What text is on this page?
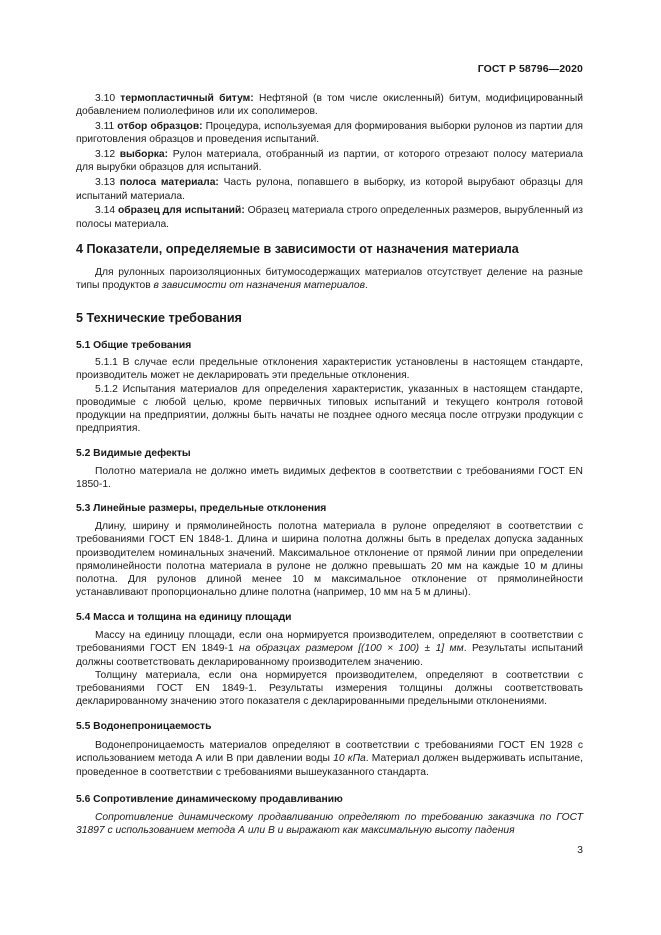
ГОСТ Р 58796—2020

3.10 термопластичный битум: Нефтяной (в том числе окисленный) битум, модифицированный добавлением полиолефинов или их сополимеров.

3.11 отбор образцов: Процедура, используемая для формирования выборки рулонов из партии для приготовления образцов и проведения испытаний.

3.12 выборка: Рулон материала, отобранный из партии, от которого отрезают полосу материала для вырубки образцов для испытаний.

3.13 полоса материала: Часть рулона, попавшего в выборку, из которой вырубают образцы для испытаний материала.

3.14 образец для испытаний: Образец материала строго определенных размеров, вырубленный из полосы материала.

4 Показатели, определяемые в зависимости от назначения материала

Для рулонных пароизоляционных битумосодержащих материалов отсутствует деление на разные типы продуктов в зависимости от назначения материалов.

5 Технические требования
5.1 Общие требования

5.1.1 В случае если предельные отклонения характеристик установлены в настоящем стандарте, производитель может не декларировать эти предельные отклонения.

5.1.2 Испытания материалов для определения характеристик, указанных в настоящем стандарте, проводимые с любой целью, кроме первичных типовых испытаний и текущего контроля готовой продукции на предприятии, должны быть начаты не позднее одного месяца после отгрузки продукции с предприятия.

5.2 Видимые дефекты

Полотно материала не должно иметь видимых дефектов в соответствии с требованиями ГОСТ EN 1850-1.

5.3 Линейные размеры, предельные отклонения

Длину, ширину и прямолинейность полотна материала в рулоне определяют в соответствии с требованиями ГОСТ EN 1848-1. Длина и ширина полотна должны быть в пределах допуска заданных производителем номинальных значений. Максимальное отклонение от прямой линии при определении прямолинейности полотна материала в рулоне не должно превышать 20 мм на каждые 10 м длины полотна. Для рулонов длиной менее 10 м максимальное отклонение от прямолинейности устанавливают пропорционально длине полотна (например, 10 мм на 5 м длины).

5.4 Масса и толщина на единицу площади

Массу на единицу площади, если она нормируется производителем, определяют в соответствии с требованиями ГОСТ EN 1849-1 на образцах размером [(100 × 100) ± 1] мм. Результаты испытаний должны соответствовать декларированному производителем значению.

Толщину материала, если она нормируется производителем, определяют в соответствии с требованиями ГОСТ EN 1849-1. Результаты измерения толщины должны соответствовать декларированному значению этого показателя с декларированными предельными отклонениями.

5.5 Водонепроницаемость

Водонепроницаемость материалов определяют в соответствии с требованиями ГОСТ EN 1928 с использованием метода А или В при давлении воды 10 кПа. Материал должен выдерживать испытание, проведенное в соответствии с требованиями вышеуказанного стандарта.

5.6 Сопротивление динамическому продавливанию

Сопротивление динамическому продавливанию определяют по требованию заказчика по ГОСТ 31897 с использованием метода А или В и выражают как максимальную высоту падения

3
